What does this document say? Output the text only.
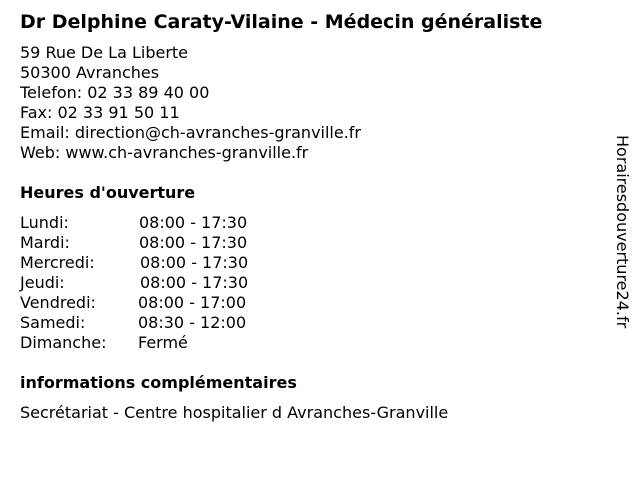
Dr Delphine Caraty-Vilaine - Médecin généraliste
59 Rue De La Liberte
50300 Avranches
Telefon: 02 33 89 40 00
Fax: 02 33 91 50 11
Email: direction@ch-avranches-granville.fr
Web: www.ch-avranches-granville.fr
Heures d'ouverture
Lundi:	08:00 - 17:30
Mardi:	08:00 - 17:30
Mercredi:	08:00 - 17:30
Jeudi:	08:00 - 17:30
Vendredi:	08:00 - 17:00
Samedi:	08:30 - 12:00
Dimanche: Fermé
informations complémentaires
Secrétariat - Centre hospitalier d Avranches-Granville
Horairesdouverture24.fr
